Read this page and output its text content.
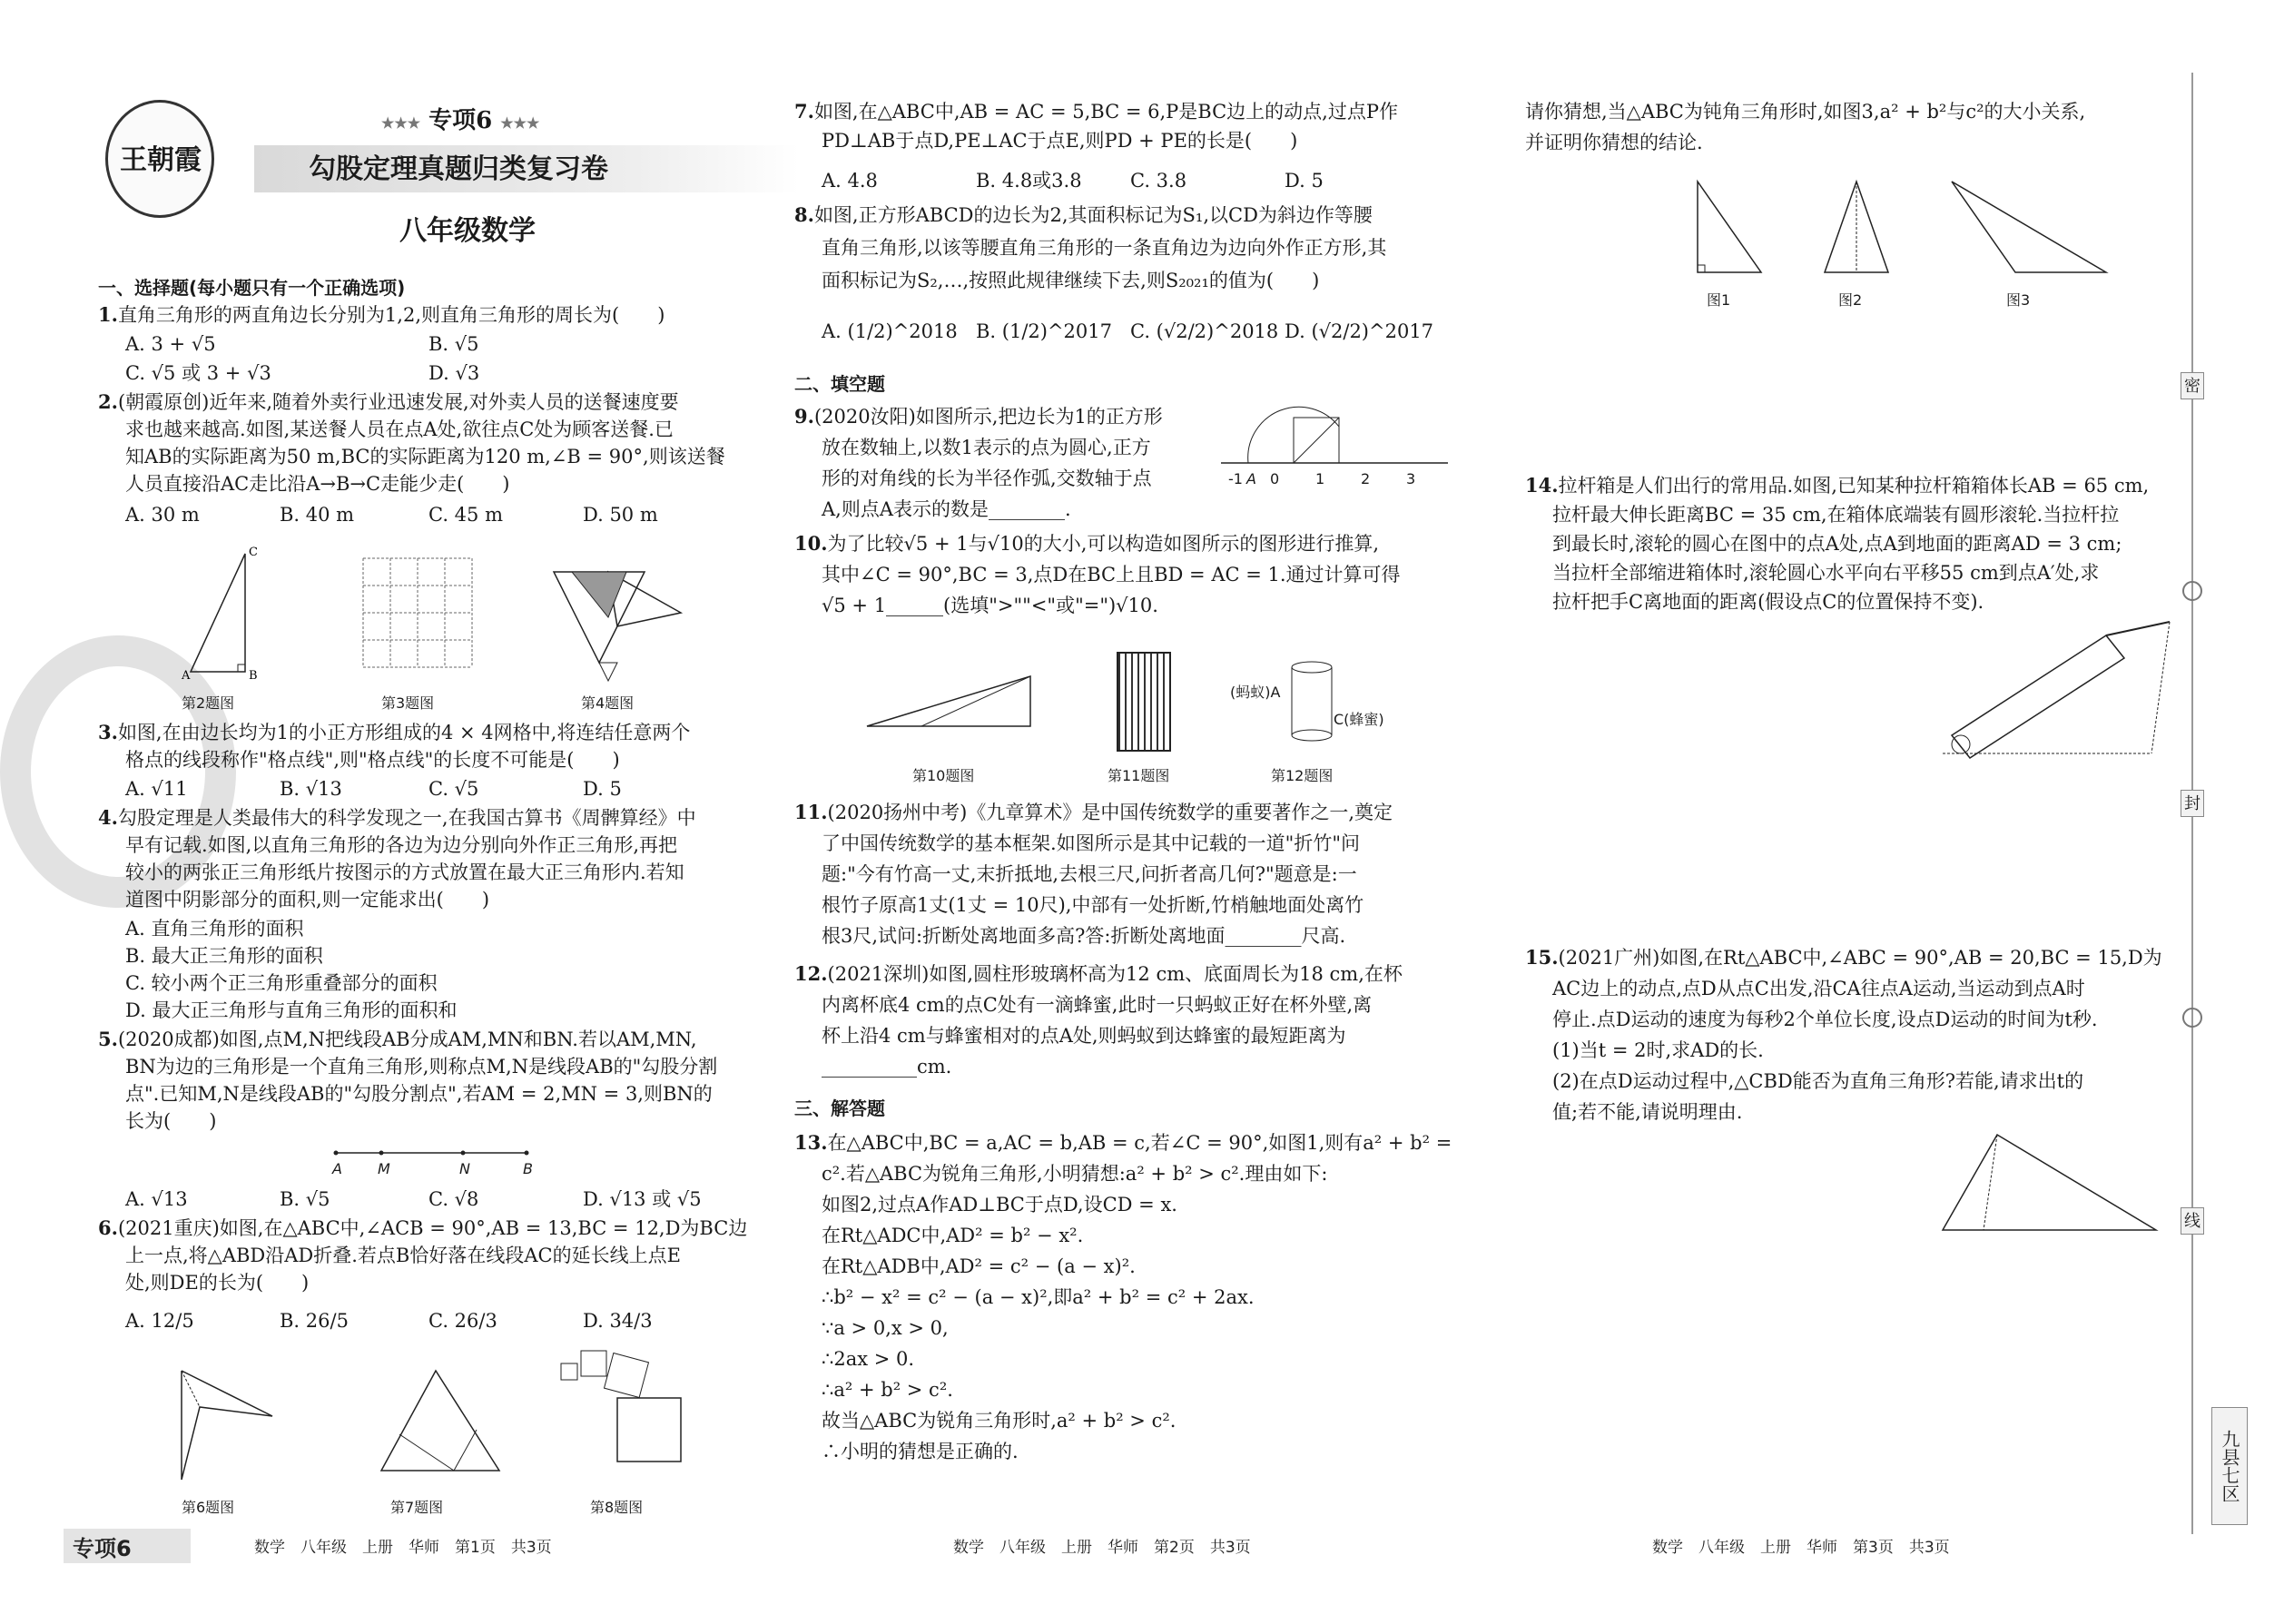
王朝霞
★★★ 专项6 ★★★
勾股定理真题归类复习卷
八年级数学
一、选择题(每小题只有一个正确选项)
1.直角三角形的两直角边长分别为1,2,则直角三角形的周长为(　　)
A. 3 + √5	B. √5
C. √5 或 3 + √3	D. √3
2.(朝霞原创)近年来,随着外卖行业迅速发展,对外卖人员的送餐速度要
求也越来越高.如图,某送餐人员在点A处,欲往点C处为顾客送餐.已
知AB的实际距离为50 m,BC的实际距离为120 m,∠B = 90°,则该送餐
人员直接沿AC走比沿A→B→C走能少走(　　)
A. 30 m	B. 40 m	C. 45 m	D. 50 m
A	B
C
第2题图	第3题图	第4题图
3.如图,在由边长均为1的小正方形组成的4 × 4网格中,将连结任意两个
格点的线段称作"格点线",则"格点线"的长度不可能是(　　)
A. √11	B. √13	C. √5	D. 5
4.勾股定理是人类最伟大的科学发现之一,在我国古算书《周髀算经》中
早有记载.如图,以直角三角形的各边为边分别向外作正三角形,再把
较小的两张正三角形纸片按图示的方式放置在最大正三角形内.若知
道图中阴影部分的面积,则一定能求出(　　)
A. 直角三角形的面积
B. 最大正三角形的面积
C. 较小两个正三角形重叠部分的面积
D. 最大正三角形与直角三角形的面积和
5.(2020成都)如图,点M,N把线段AB分成AM,MN和BN.若以AM,MN,
BN为边的三角形是一个直角三角形,则称点M,N是线段AB的"勾股分割
点".已知M,N是线段AB的"勾股分割点",若AM = 2,MN = 3,则BN的
长为(　　)
A M	N	B
A. √13	B. √5	C. √8	D. √13 或 √5
6.(2021重庆)如图,在△ABC中,∠ACB = 90°,AB = 13,BC = 12,D为BC边
上一点,将△ABD沿AD折叠.若点B恰好落在线段AC的延长线上点E
处,则DE的长为(　　)
A. 12/5	B. 26/5	C. 26/3	D. 34/3
第6题图	第7题图	第8题图
7.如图,在△ABC中,AB = AC = 5,BC = 6,P是BC边上的动点,过点P作
PD⊥AB于点D,PE⊥AC于点E,则PD + PE的长是(　　)
A. 4.8	B. 4.8或3.8	C. 3.8	D. 5
8.如图,正方形ABCD的边长为2,其面积标记为S₁,以CD为斜边作等腰
直角三角形,以该等腰直角三角形的一条直角边为边向外作正方形,其
面积标记为S₂,…,按照此规律继续下去,则S₂₀₂₁的值为(　　)
A. (1/2)^2018 B. (1/2)^2017 C. (√2/2)^2018 D. (√2/2)^2017
二、填空题
9.(2020汝阳)如图所示,把边长为1的正方形
放在数轴上,以数1表示的点为圆心,正方
形的对角线的长为半径作弧,交数轴于点
A,则点A表示的数是________.
-1 A 0 1 2 3
10.为了比较√5 + 1与√10的大小,可以构造如图所示的图形进行推算,
其中∠C = 90°,BC = 3,点D在BC上且BD = AC = 1.通过计算可得
√5 + 1______(选填">""<"或"=")√10.
(蚂蚁)A
C(蜂蜜)
第10题图	第11题图	第12题图
11.(2020扬州中考)《九章算术》是中国传统数学的重要著作之一,奠定
了中国传统数学的基本框架.如图所示是其中记载的一道"折竹"问
题:"今有竹高一丈,末折抵地,去根三尺,问折者高几何?"题意是:一
根竹子原高1丈(1丈 = 10尺),中部有一处折断,竹梢触地面处离竹
根3尺,试问:折断处离地面多高?答:折断处离地面________尺高.
12.(2021深圳)如图,圆柱形玻璃杯高为12 cm、底面周长为18 cm,在杯
内离杯底4 cm的点C处有一滴蜂蜜,此时一只蚂蚁正好在杯外壁,离
杯上沿4 cm与蜂蜜相对的点A处,则蚂蚁到达蜂蜜的最短距离为
__________cm.
三、解答题
13.在△ABC中,BC = a,AC = b,AB = c,若∠C = 90°,如图1,则有a² + b² =
c².若△ABC为锐角三角形,小明猜想:a² + b² > c².理由如下:
如图2,过点A作AD⊥BC于点D,设CD = x.
在Rt△ADC中,AD² = b² − x².
在Rt△ADB中,AD² = c² − (a − x)².
∴b² − x² = c² − (a − x)²,即a² + b² = c² + 2ax.
∵a > 0,x > 0,
∴2ax > 0.
∴a² + b² > c².
故当△ABC为锐角三角形时,a² + b² > c².
∴小明的猜想是正确的.
请你猜想,当△ABC为钝角三角形时,如图3,a² + b²与c²的大小关系,
并证明你猜想的结论.
图1	图2	图3
14.拉杆箱是人们出行的常用品.如图,已知某种拉杆箱箱体长AB = 65 cm,
拉杆最大伸长距离BC = 35 cm,在箱体底端装有圆形滚轮.当拉杆拉
到最长时,滚轮的圆心在图中的点A处,点A到地面的距离AD = 3 cm;
当拉杆全部缩进箱体时,滚轮圆心水平向右平移55 cm到点A′处,求
拉杆把手C离地面的距离(假设点C的位置保持不变).
15.(2021广州)如图,在Rt△ABC中,∠ABC = 90°,AB = 20,BC = 15,D为
AC边上的动点,点D从点C出发,沿CA往点A运动,当运动到点A时
停止.点D运动的速度为每秒2个单位长度,设点D运动的时间为t秒.
(1)当t = 2时,求AD的长.
(2)在点D运动过程中,△CBD能否为直角三角形?若能,请求出t的
值;若不能,请说明理由.
密
封
线
九县七区
专项6	数学　八年级　上册　华师　第1页　共3页	数学　八年级　上册　华师　第2页　共3页	数学　八年级　上册　华师　第3页　共3页
